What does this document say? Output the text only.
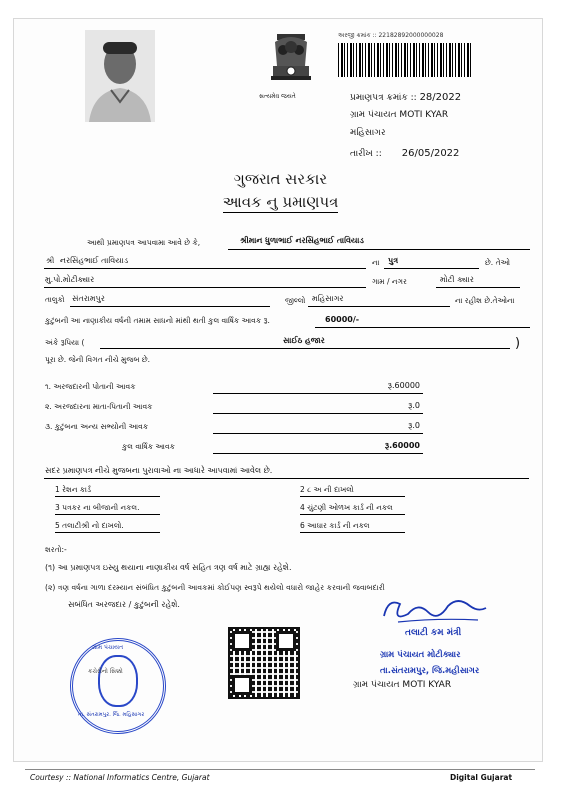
સત્યમેવ જયતે
અરજી ક્રમાંક :: 22182892000000028
પ્રમાણપત્ર ક્રમાંક :: 28/2022
ગ્રામ પંચાયત MOTI KYAR
મહિસાગર
તારીખ :: 26/05/2022
ગુજરાત સરકાર
આવક નુ પ્રમાણપત્ર
આથી પ્રમાણપત્ર આપવામા આવે છે કે,	શ્રીમાન ધુળાભાઈ નરસિંહભાઈ તાવિયાડ
શ્રી નરસિંહભાઈ તાવિયાડ	ના પુત્ર	છે. તેઓ
મુ.પો.મોટીક્યાર	ગામ / નગર	મોટી ક્યાર
તાલુકો સંતરામપુર	જીલ્લો મહિસાગર	ના રહીશ છે.તેઓના
કુટુંબની આ નાણાકીય વર્ષની તમામ સાધનો માંથી થતી કુલ વાર્ષિક આવક રૂ.	60000/-
અંકે રૂપિયા (	સાઈઠ હજાર	)
પૂરા છે. જેની વિગત નીચે મુજબ છે.
૧. અરજદારની પોતાની આવક	રૂ.60000
૨. અરજદારના માતા-પિતાની આવક	રૂ.0
૩. કુટુંબના અન્ય સભ્યોની આવક	રૂ.0
કુલ વાર્ષિક આવક	રૂ.60000
સદર પ્રમાણપત્ર નીચે મુજબના પુરાવાઓ ના આધારે આપવામાં આવેલ છે.
1 રેશન કાર્ડ	2 ૮ અ ની દાખલો
3 પત્રકર ના બીજાની નકલ.	4 ચુંટણી ઓળખ કાર્ડ ની નકલ
5 તલાટીશ્રી નો દાખલો.	6 આધાર કાર્ડ ની નકલ
શરતો:-
(૧) આ પ્રમાણપત્ર ઇસ્યુ થયાના નાણાકીય વર્ષ સહિત ત્રણ વર્ષ માટે ગ્રાહ્ય રહેશે.
(૨) ત્રણ વર્ષના ગાળા દરમ્યાન સંબંધિત કુટુંબની આવકમાં કોઈપણ સ્વરૂપે થયેલો વધારો જાહેર કરવાની જવાબદારી
સબંધિત અરજદાર / કુટુંબની રહેશે.
ગ્રામ પંચાયત
તા. સંતરામપુર. જિ. મહિસાગર
કચેરીનો સિક્કો
તલાટી કમ મંત્રી
ગ્રામ પંચાયત મોટીક્યાર
તા.સંતરામપુર, જિ.મહીસાગર
ગ્રામ પંચાયત MOTI KYAR
Courtesy :: National Informatics Centre, Gujarat	Digital Gujarat
